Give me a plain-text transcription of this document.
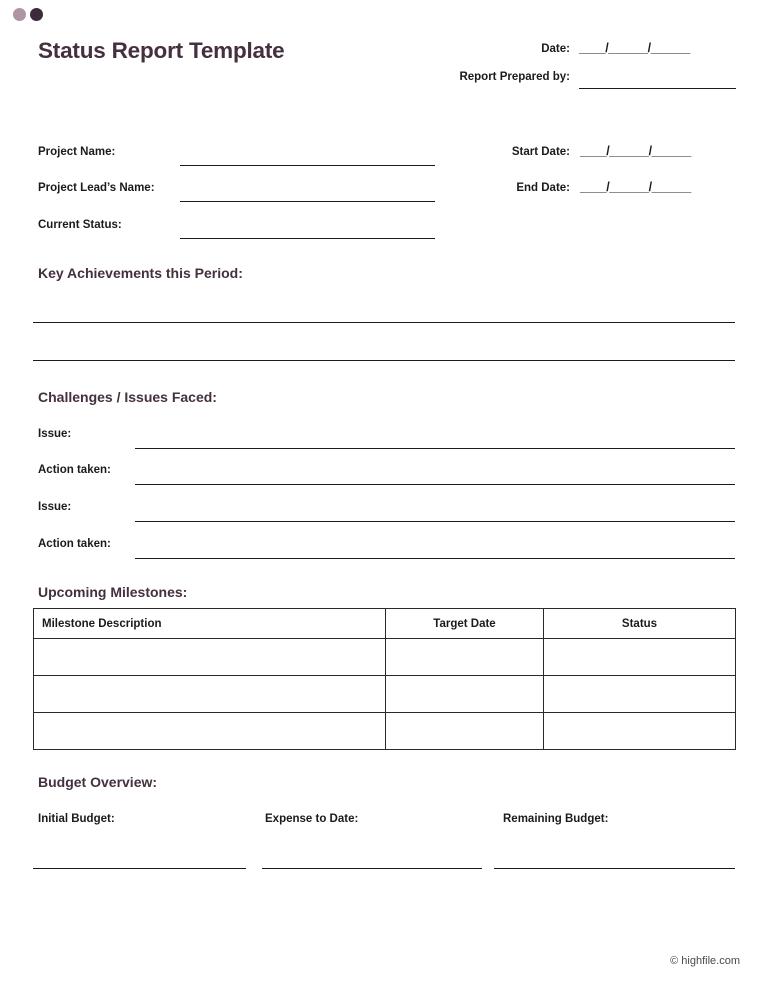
Status Report Template	Date: ____/______/______
Report Prepared by:
Project Name:
Project Lead’s Name:
Current Status:
Start Date: ____/______/______
End Date: ____/______/______
Key Achievements this Period:
Challenges / Issues Faced:
Issue:
Action taken:
Issue:
Action taken:
Upcoming Milestones:
Milestone Description	Target Date	Status

Budget Overview:
Initial Budget:	Expense to Date:	Remaining Budget:
© highfile.com
